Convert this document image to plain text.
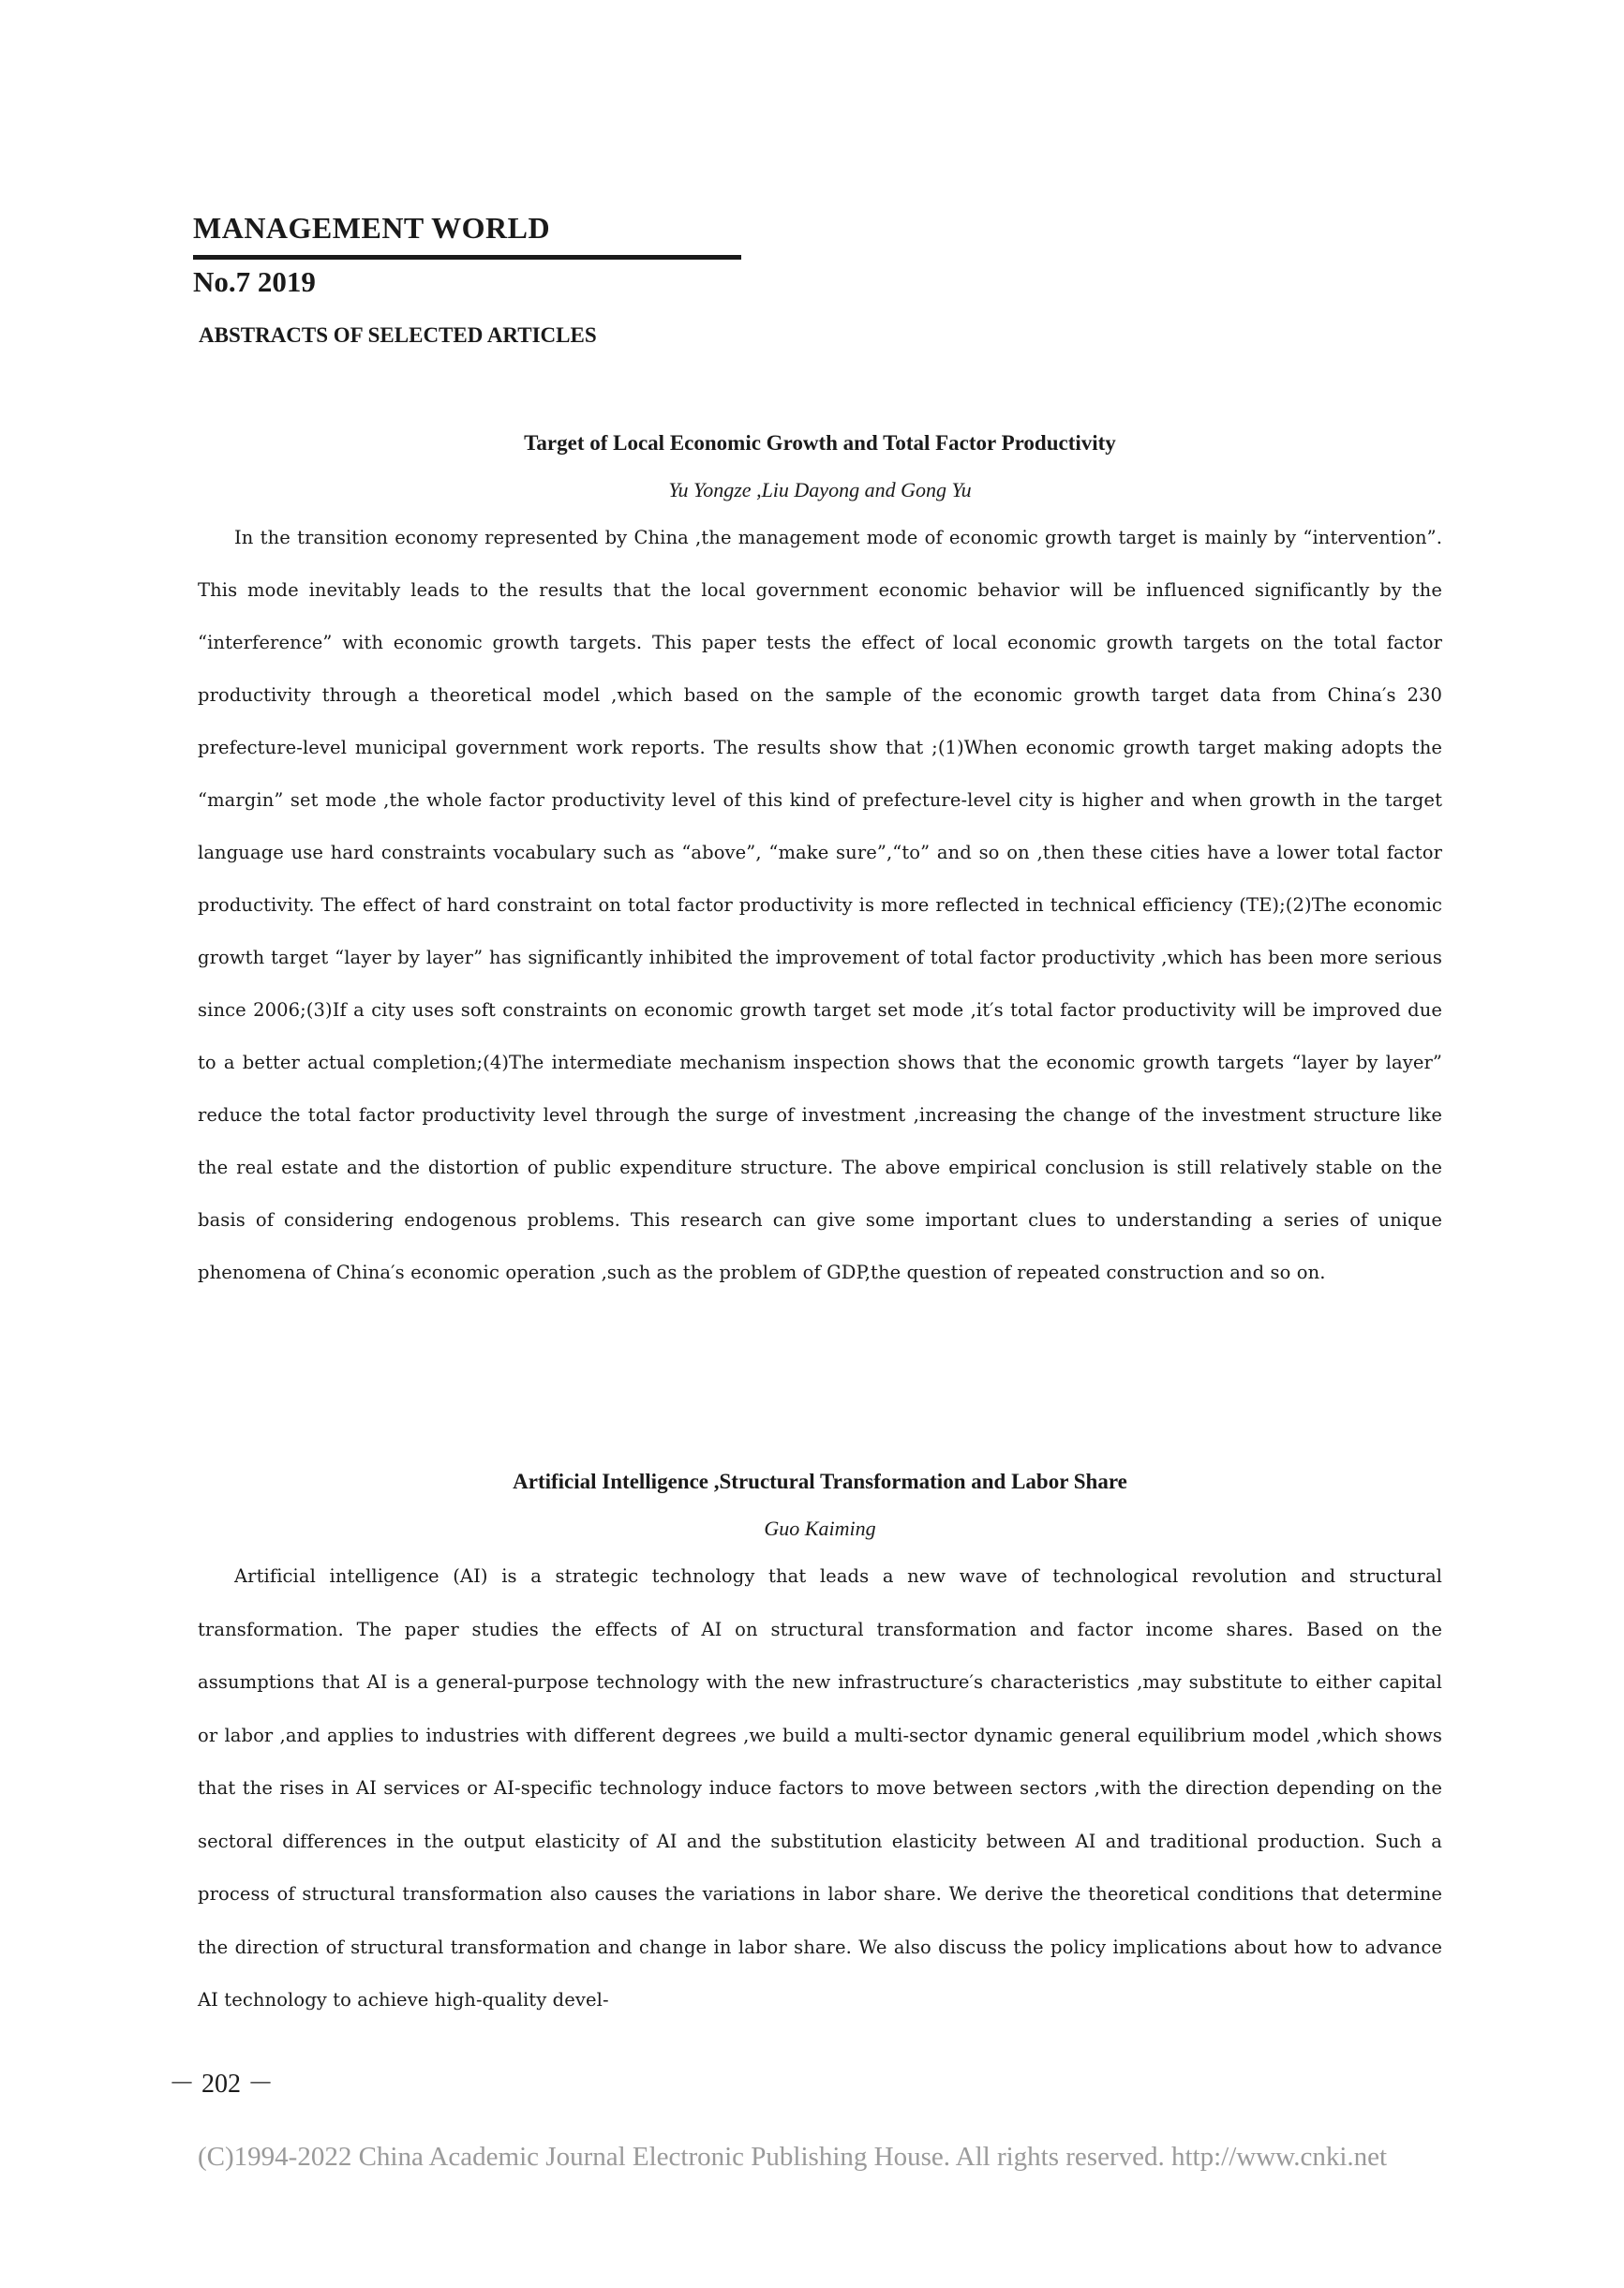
MANAGEMENT WORLD
No.7 2019
ABSTRACTS OF SELECTED ARTICLES
Target of Local Economic Growth and Total Factor Productivity

Yu Yongze ,Liu Dayong and Gong Yu

In the transition economy represented by China ,the management mode of economic growth target is mainly by “intervention”. This mode inevitably leads to the results that the local government economic behavior will be influenced significantly by the “interference” with economic growth targets. This paper tests the effect of local economic growth targets on the total factor productivity through a theoretical model ,which based on the sample of the economic growth target data from China′s 230 prefecture-level municipal government work reports. The results show that ;(1)When economic growth target making adopts the “margin” set mode ,the whole factor productivity level of this kind of prefecture-level city is higher and when growth in the target language use hard constraints vocabulary such as “above”, “make sure”,“to” and so on ,then these cities have a lower total factor productivity. The effect of hard constraint on total factor productivity is more reflected in technical efficiency (TE);(2)The economic growth target “layer by layer” has significantly inhibited the improvement of total factor productivity ,which has been more serious since 2006;(3)If a city uses soft constraints on economic growth target set mode ,it′s total factor productivity will be improved due to a better actual completion;(4)The intermediate mechanism inspection shows that the economic growth targets “layer by layer” reduce the total factor productivity level through the surge of investment ,increasing the change of the investment structure like the real estate and the distortion of public expenditure structure. The above empirical conclusion is still relatively stable on the basis of considering endogenous problems. This research can give some important clues to understanding a series of unique phenomena of China′s economic operation ,such as the problem of GDP,the question of repeated construction and so on.

Artificial Intelligence ,Structural Transformation and Labor Share

Guo Kaiming

Artificial intelligence (AI) is a strategic technology that leads a new wave of technological revolution and structural transformation. The paper studies the effects of AI on structural transformation and factor income shares. Based on the assumptions that AI is a general-purpose technology with the new infrastructure′s characteristics ,may substitute to either capital or labor ,and applies to industries with different degrees ,we build a multi-sector dynamic general equilibrium model ,which shows that the rises in AI services or AI-specific technology induce factors to move between sectors ,with the direction depending on the sectoral differences in the output elasticity of AI and the substitution elasticity between AI and traditional production. Such a process of structural transformation also causes the variations in labor share. We derive the theoretical conditions that determine the direction of structural transformation and change in labor share. We also discuss the policy implications about how to advance AI technology to achieve high-quality devel-

－ 202 －

(C)1994-2022 China Academic Journal Electronic Publishing House. All rights reserved. http://www.cnki.net
